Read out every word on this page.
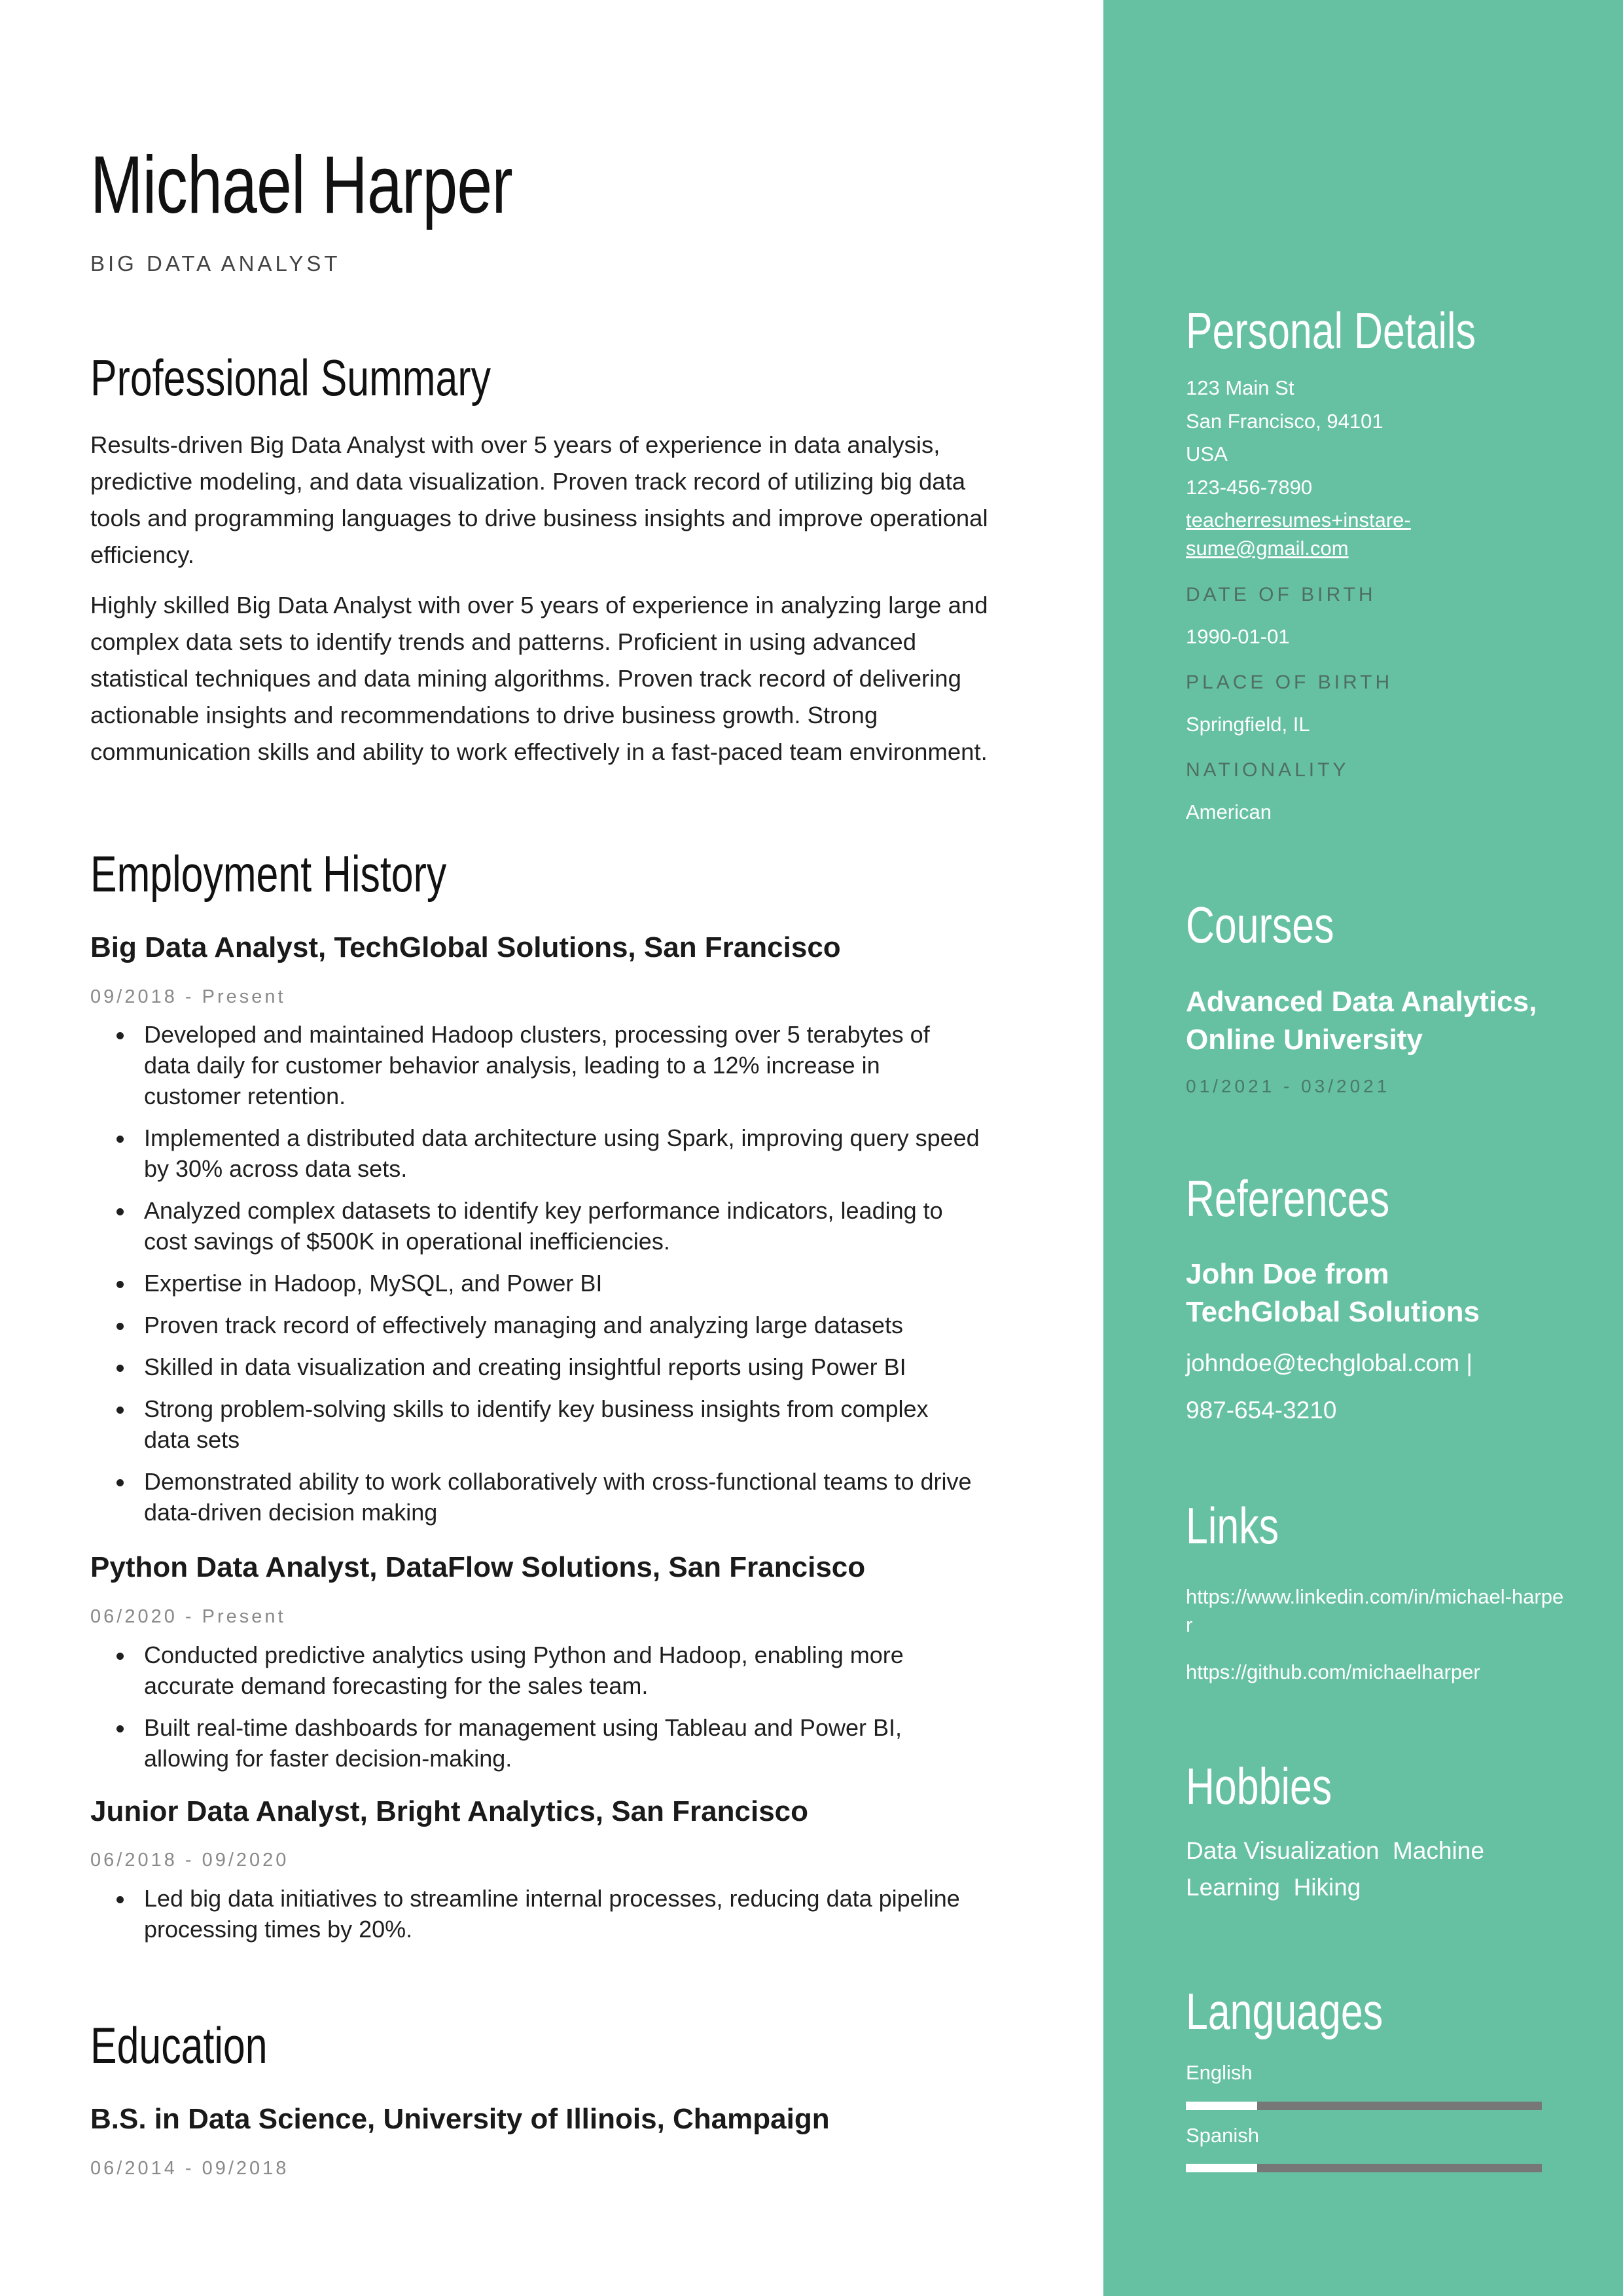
Michael Harper

BIG DATA ANALYST

Professional Summary

Results-driven Big Data Analyst with over 5 years of experience in data analysis, predictive modeling, and data visualization. Proven track record of utilizing big data tools and programming languages to drive business insights and improve operational efficiency.

Highly skilled Big Data Analyst with over 5 years of experience in analyzing large and complex data sets to identify trends and patterns. Proficient in using advanced statistical techniques and data mining algorithms. Proven track record of delivering actionable insights and recommendations to drive business growth. Strong communication skills and ability to work effectively in a fast-paced team environment.

Employment History

Big Data Analyst, TechGlobal Solutions, San Francisco

09/2018 - Present

Developed and maintained Hadoop clusters, processing over 5 terabytes of data daily for customer behavior analysis, leading to a 12% increase in customer retention.
Implemented a distributed data architecture using Spark, improving query speed by 30% across data sets.
Analyzed complex datasets to identify key performance indicators, leading to cost savings of $500K in operational inefficiencies.
Expertise in Hadoop, MySQL, and Power BI
Proven track record of effectively managing and analyzing large datasets
Skilled in data visualization and creating insightful reports using Power BI
Strong problem-solving skills to identify key business insights from complex data sets
Demonstrated ability to work collaboratively with cross-functional teams to drive data-driven decision making

Python Data Analyst, DataFlow Solutions, San Francisco

06/2020 - Present

Conducted predictive analytics using Python and Hadoop, enabling more accurate demand forecasting for the sales team.
Built real-time dashboards for management using Tableau and Power BI, allowing for faster decision-making.

Junior Data Analyst, Bright Analytics, San Francisco

06/2018 - 09/2020

Led big data initiatives to streamline internal processes, reducing data pipeline processing times by 20%.
Education

B.S. in Data Science, University of Illinois, Champaign

06/2014 - 09/2018

Personal Details

123 Main St

San Francisco, 94101

USA

123-456-7890

teacherresumes+instare-
sume@gmail.com

DATE OF BIRTH

1990-01-01

PLACE OF BIRTH

Springfield, IL

NATIONALITY

American

Courses

Advanced Data Analytics, Online University

01/2021 - 03/2021

References

John Doe from TechGlobal Solutions

johndoe@techglobal.com |

987-654-3210

Links

https://www.linkedin.com/in/michael-harper

https://github.com/michaelharper

Hobbies

Data Visualization  Machine Learning  Hiking

Languages

English

Spanish
